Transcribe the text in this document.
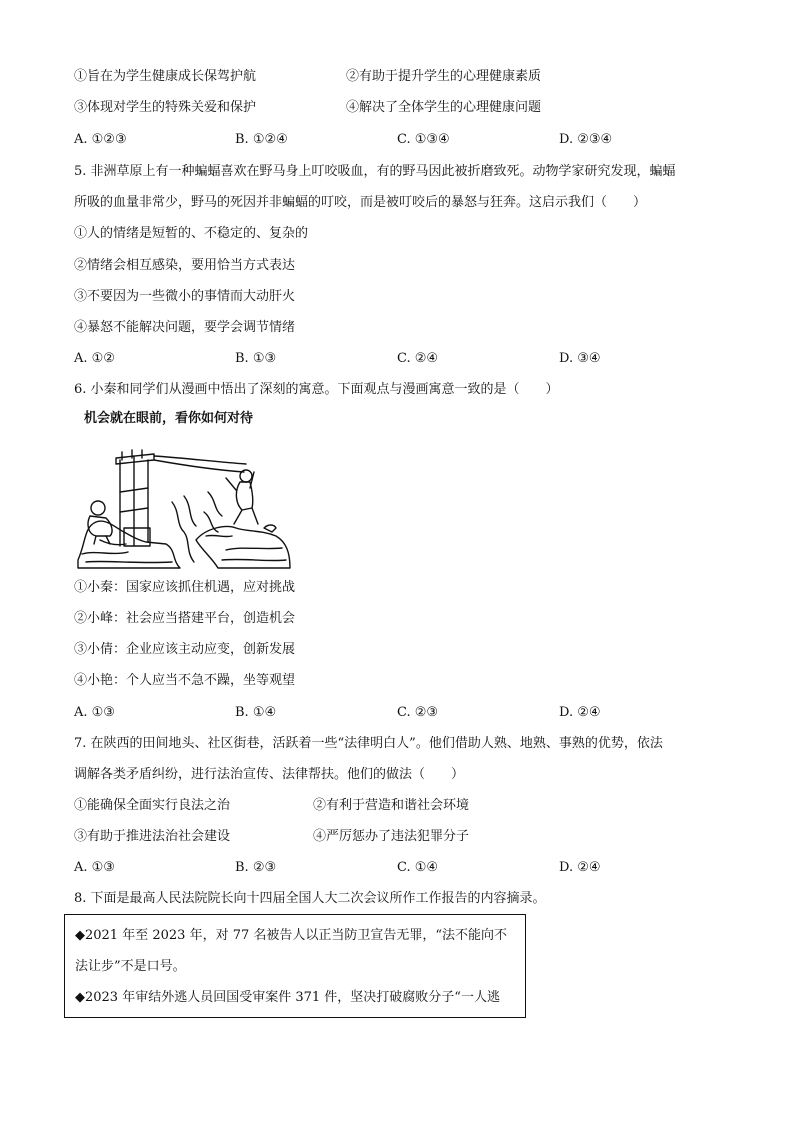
①旨在为学生健康成长保驾护航	②有助于提升学生的心理健康素质
③体现对学生的特殊关爱和保护	④解决了全体学生的心理健康问题
A. ①②③	B. ①②④	C. ①③④	D. ②③④
5. 非洲草原上有一种蝙蝠喜欢在野马身上叮咬吸血，有的野马因此被折磨致死。动物学家研究发现，蝙蝠
所吸的血量非常少，野马的死因并非蝙蝠的叮咬，而是被叮咬后的暴怒与狂奔。这启示我们（　　）
①人的情绪是短暂的、不稳定的、复杂的
②情绪会相互感染，要用恰当方式表达
③不要因为一些微小的事情而大动肝火
④暴怒不能解决问题，要学会调节情绪
A. ①②	B. ①③	C. ②④	D. ③④
6. 小秦和同学们从漫画中悟出了深刻的寓意。下面观点与漫画寓意一致的是（　　）
机会就在眼前，看你如何对待
①小秦：国家应该抓住机遇，应对挑战
②小峰：社会应当搭建平台，创造机会
③小倩：企业应该主动应变，创新发展
④小艳：个人应当不急不躁，坐等观望
A. ①③	B. ①④	C. ②③	D. ②④
7. 在陕西的田间地头、社区街巷，活跃着一些“法律明白人”。他们借助人熟、地熟、事熟的优势，依法
调解各类矛盾纠纷，进行法治宣传、法律帮扶。他们的做法（　　）
①能确保全面实行良法之治	②有利于营造和谐社会环境
③有助于推进法治社会建设	④严厉惩办了违法犯罪分子
A. ①③	B. ②③	C. ①④	D. ②④
8. 下面是最高人民法院院长向十四届全国人大二次会议所作工作报告的内容摘录。
◆2021 年至 2023 年，对 77 名被告人以正当防卫宣告无罪，“法不能向不
法让步”不是口号。
◆2023 年审结外逃人员回国受审案件 371 件，坚决打破腐败分子“一人逃
